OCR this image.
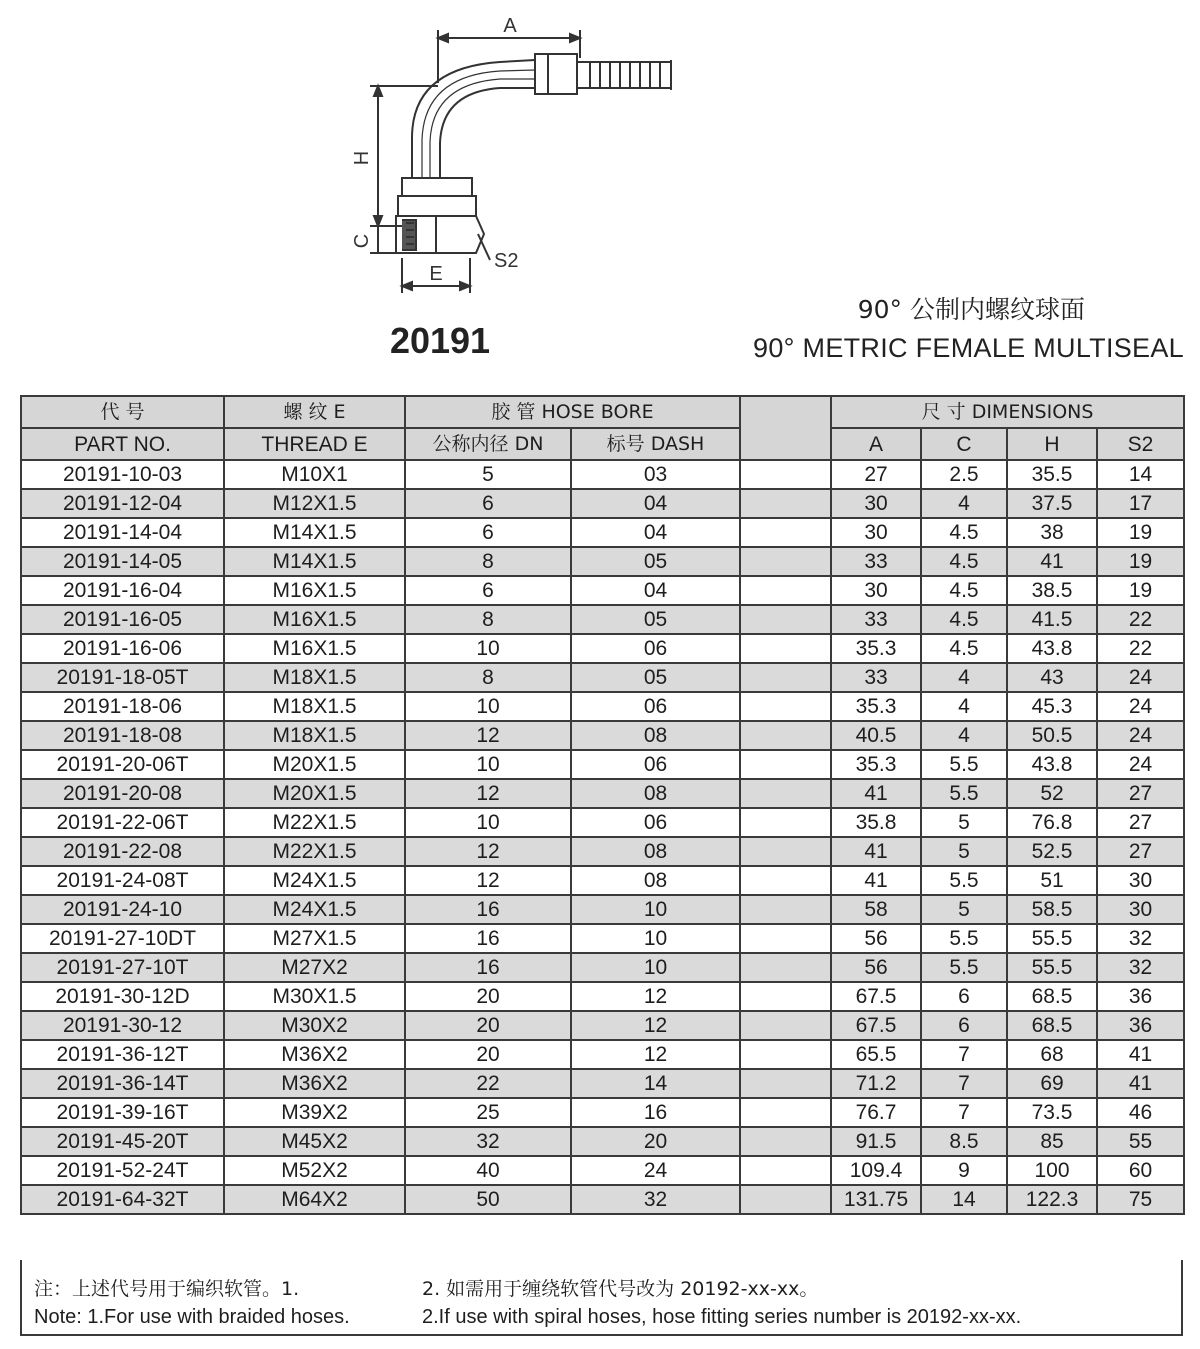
A
H
C
E
S2
20191
90° 公制内螺纹球面
90° METRIC FEMALE MULTISEAL
代 号	螺 纹 E	胶 管 HOSE BORE			尺 寸 DIMENSIONS			
PART NO.	THREAD E	公称内径 DN	标号 DASH		A	C	H	S2
20191-10-03	M10X1	5	03		27	2.5	35.5	14
20191-12-04	M12X1.5	6	04		30	4	37.5	17
20191-14-04	M14X1.5	6	04		30	4.5	38	19
20191-14-05	M14X1.5	8	05		33	4.5	41	19
20191-16-04	M16X1.5	6	04		30	4.5	38.5	19
20191-16-05	M16X1.5	8	05		33	4.5	41.5	22
20191-16-06	M16X1.5	10	06		35.3	4.5	43.8	22
20191-18-05T	M18X1.5	8	05		33	4	43	24
20191-18-06	M18X1.5	10	06		35.3	4	45.3	24
20191-18-08	M18X1.5	12	08		40.5	4	50.5	24
20191-20-06T	M20X1.5	10	06		35.3	5.5	43.8	24
20191-20-08	M20X1.5	12	08		41	5.5	52	27
20191-22-06T	M22X1.5	10	06		35.8	5	76.8	27
20191-22-08	M22X1.5	12	08		41	5	52.5	27
20191-24-08T	M24X1.5	12	08		41	5.5	51	30
20191-24-10	M24X1.5	16	10		58	5	58.5	30
20191-27-10DT	M27X1.5	16	10		56	5.5	55.5	32
20191-27-10T	M27X2	16	10		56	5.5	55.5	32
20191-30-12D	M30X1.5	20	12		67.5	6	68.5	36
20191-30-12	M30X2	20	12		67.5	6	68.5	36
20191-36-12T	M36X2	20	12		65.5	7	68	41
20191-36-14T	M36X2	22	14		71.2	7	69	41
20191-39-16T	M39X2	25	16		76.7	7	73.5	46
20191-45-20T	M45X2	32	20		91.5	8.5	85	55
20191-52-24T	M52X2	40	24		109.4	9	100	60
20191-64-32T	M64X2	50	32		131.75	14	122.3	75
注：上述代号用于编织软管。1.	2. 如需用于缠绕软管代号改为 20192-xx-xx。
Note: 1.For use with braided hoses.	2.If use with spiral hoses, hose fitting series number is 20192-xx-xx.
